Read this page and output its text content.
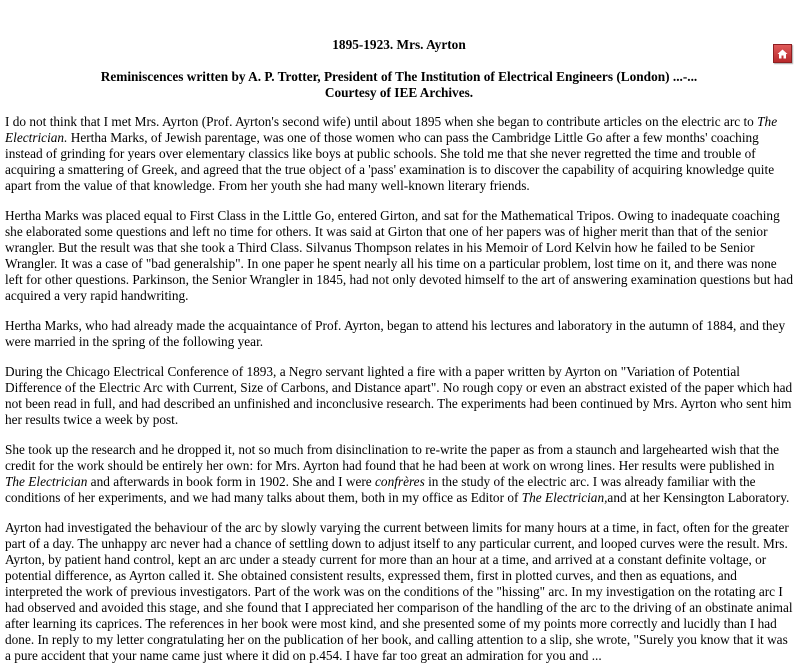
1895-1923. Mrs. Ayrton
Reminiscences written by A. P. Trotter, President of The Institution of Electrical Engineers (London) ...-...
Courtesy of IEE Archives.

I do not think that I met Mrs. Ayrton (Prof. Ayrton's second wife) until about 1895 when she began to contribute articles on the electric arc to The Electrician. Hertha Marks, of Jewish parentage, was one of those women who can pass the Cambridge Little Go after a few months' coaching instead of grinding for years over elementary classics like boys at public schools. She told me that she never regretted the time and trouble of acquiring a smattering of Greek, and agreed that the true object of a 'pass' examination is to discover the capability of acquiring knowledge quite apart from the value of that knowledge. From her youth she had many well-known literary friends.

Hertha Marks was placed equal to First Class in the Little Go, entered Girton, and sat for the Mathematical Tripos. Owing to inadequate coaching she elaborated some questions and left no time for others. It was said at Girton that one of her papers was of higher merit than that of the senior wrangler. But the result was that she took a Third Class. Silvanus Thompson relates in his Memoir of Lord Kelvin how he failed to be Senior Wrangler. It was a case of "bad generalship". In one paper he spent nearly all his time on a particular problem, lost time on it, and there was none left for other questions. Parkinson, the Senior Wrangler in 1845, had not only devoted himself to the art of answering examination questions but had acquired a very rapid handwriting.

Hertha Marks, who had already made the acquaintance of Prof. Ayrton, began to attend his lectures and laboratory in the autumn of 1884, and they were married in the spring of the following year.

During the Chicago Electrical Conference of 1893, a Negro servant lighted a fire with a paper written by Ayrton on "Variation of Potential Difference of the Electric Arc with Current, Size of Carbons, and Distance apart". No rough copy or even an abstract existed of the paper which had not been read in full, and had described an unfinished and inconclusive research. The experiments had been continued by Mrs. Ayrton who sent him her results twice a week by post.

She took up the research and he dropped it, not so much from disinclination to re-write the paper as from a staunch and largehearted wish that the credit for the work should be entirely her own: for Mrs. Ayrton had found that he had been at work on wrong lines. Her results were published in The Electrician and afterwards in book form in 1902. She and I were confrères in the study of the electric arc. I was already familiar with the conditions of her experiments, and we had many talks about them, both in my office as Editor of The Electrician,and at her Kensington Laboratory.

Ayrton had investigated the behaviour of the arc by slowly varying the current between limits for many hours at a time, in fact, often for the greater part of a day. The unhappy arc never had a chance of settling down to adjust itself to any particular current, and looped curves were the result. Mrs. Ayrton, by patient hand control, kept an arc under a steady current for more than an hour at a time, and arrived at a constant definite voltage, or potential difference, as Ayrton called it. She obtained consistent results, expressed them, first in plotted curves, and then as equations, and interpreted the work of previous investigators. Part of the work was on the conditions of the "hissing" arc. In my investigation on the rotating arc I had observed and avoided this stage, and she found that I appreciated her comparison of the handling of the arc to the driving of an obstinate animal after learning its caprices. The references in her book were most kind, and she presented some of my points more correctly and lucidly than I had done. In reply to my letter congratulating her on the publication of her book, and calling attention to a slip, she wrote, "Surely you know that it was a pure accident that your name came just where it did on p.454. I have far too great an admiration for you and ...
